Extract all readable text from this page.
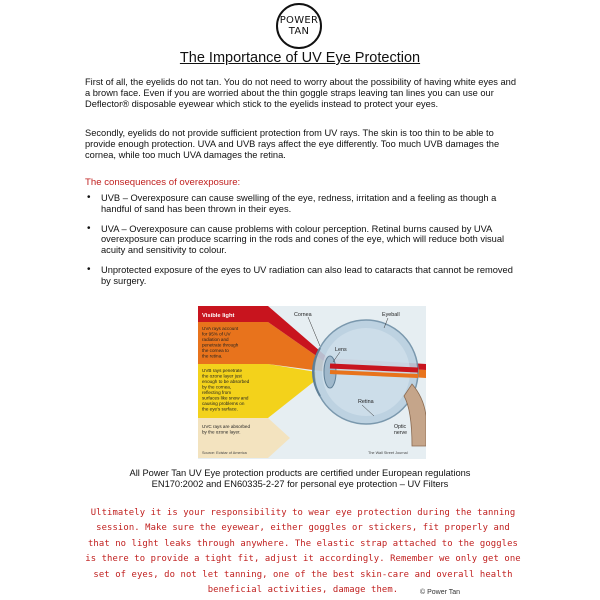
POWER
TAN
The Importance of UV Eye Protection

First of all, the eyelids do not tan. You do not need to worry about the possibility of having white eyes and a brown face. Even if you are worried about the thin goggle straps leaving tan lines you can use our Deflector® disposable eyewear which stick to the eyelids instead to protect your eyes.

Secondly, eyelids do not provide sufficient protection from UV rays. The skin is too thin to be able to provide enough protection. UVA and UVB rays affect the eye differently. Too much UVB damages the cornea, while too much UVA damages the retina.

The consequences of overexposure:

• UVB – Overexposure can cause swelling of the eye, redness, irritation and a feeling as though a handful of sand has been thrown in their eyes.
• UVA – Overexposure can cause problems with colour perception. Retinal burns caused by UVA overexposure can produce scarring in the rods and cones of the eye, which will reduce both visual acuity and sensitivity to colour.
• Unprotected exposure of the eyes to UV radiation can also lead to cataracts that cannot be removed by surgery.
Visible light
UVA rays account
for 95% of UV
radiation and
penetrate through
the cornea to
the retina.
UVB rays penetrate
the ozone layer just
enough to be absorbed
by the cornea,
reflecting from
surfaces like snow and
causing problems on
the eye's surface.
UVC rays are absorbed
by the ozone layer.
Cornea	Eyeball
Lens
Retina
Optic
nerve
Source: Ecistar of America	The Wall Street Journal
All Power Tan UV Eye protection products are certified under European regulations
EN170:2002 and EN60335-2-27 for personal eye protection – UV Filters
Ultimately it is your responsibility to wear eye protection during the tanning
session. Make sure the eyewear, either goggles or stickers, fit properly and
that no light leaks through anywhere. The elastic strap attached to the goggles
is there to provide a tight fit, adjust it accordingly. Remember we only get one
set of eyes, do not let tanning, one of the best skin-care and overall health
beneficial activities, damage them.	© Power Tan
